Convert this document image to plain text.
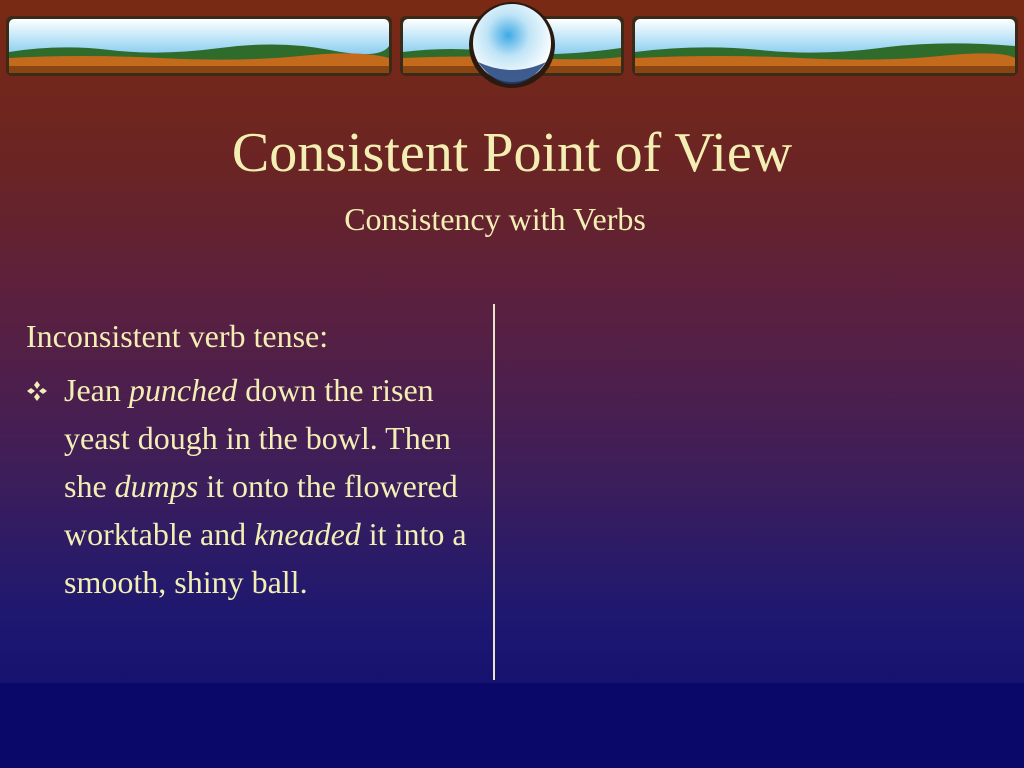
Consistent Point of View
Consistency with Verbs

Inconsistent verb tense:

Jean punched down the risen yeast dough in the bowl. Then she dumps it onto the flowered worktable and kneaded it into a smooth, shiny ball.
